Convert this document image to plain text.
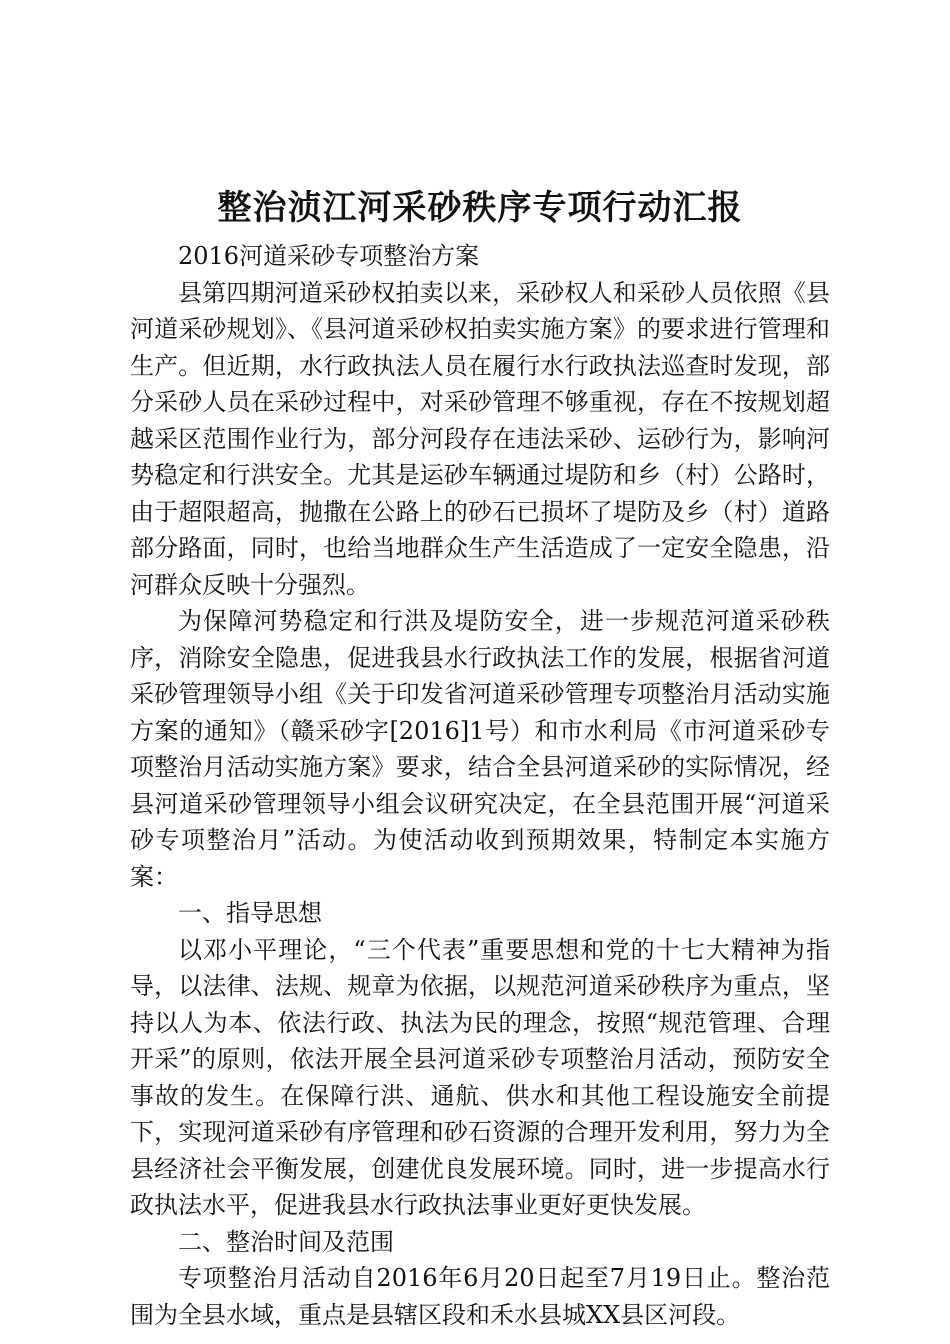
整治浈江河采砂秩序专项行动汇报

2016河道采砂专项整治方案

县第四期河道采砂权拍卖以来，采砂权人和采砂人员依照《县河道采砂规划》、《县河道采砂权拍卖实施方案》的要求进行管理和生产。但近期，水行政执法人员在履行水行政执法巡查时发现，部分采砂人员在采砂过程中，对采砂管理不够重视，存在不按规划超越采区范围作业行为，部分河段存在违法采砂、运砂行为，影响河势稳定和行洪安全。尤其是运砂车辆通过堤防和乡（村）公路时，由于超限超高，抛撒在公路上的砂石已损坏了堤防及乡（村）道路部分路面，同时，也给当地群众生产生活造成了一定安全隐患，沿河群众反映十分强烈。

为保障河势稳定和行洪及堤防安全，进一步规范河道采砂秩序，消除安全隐患，促进我县水行政执法工作的发展，根据省河道采砂管理领导小组《关于印发省河道采砂管理专项整治月活动实施方案的通知》（赣采砂字[2016]1号）和市水利局《市河道采砂专项整治月活动实施方案》要求，结合全县河道采砂的实际情况，经县河道采砂管理领导小组会议研究决定，在全县范围开展“河道采砂专项整治月”活动。为使活动收到预期效果，特制定本实施方案：

一、指导思想

以邓小平理论，“三个代表”重要思想和党的十七大精神为指导，以法律、法规、规章为依据，以规范河道采砂秩序为重点，坚持以人为本、依法行政、执法为民的理念，按照“规范管理、合理开采”的原则，依法开展全县河道采砂专项整治月活动，预防安全事故的发生。在保障行洪、通航、供水和其他工程设施安全前提下，实现河道采砂有序管理和砂石资源的合理开发利用，努力为全县经济社会平衡发展，创建优良发展环境。同时，进一步提高水行政执法水平，促进我县水行政执法事业更好更快发展。

二、整治时间及范围

专项整治月活动自2016年6月20日起至7月19日止。整治范围为全县水域，重点是县辖区段和禾水县城XX县区河段。
